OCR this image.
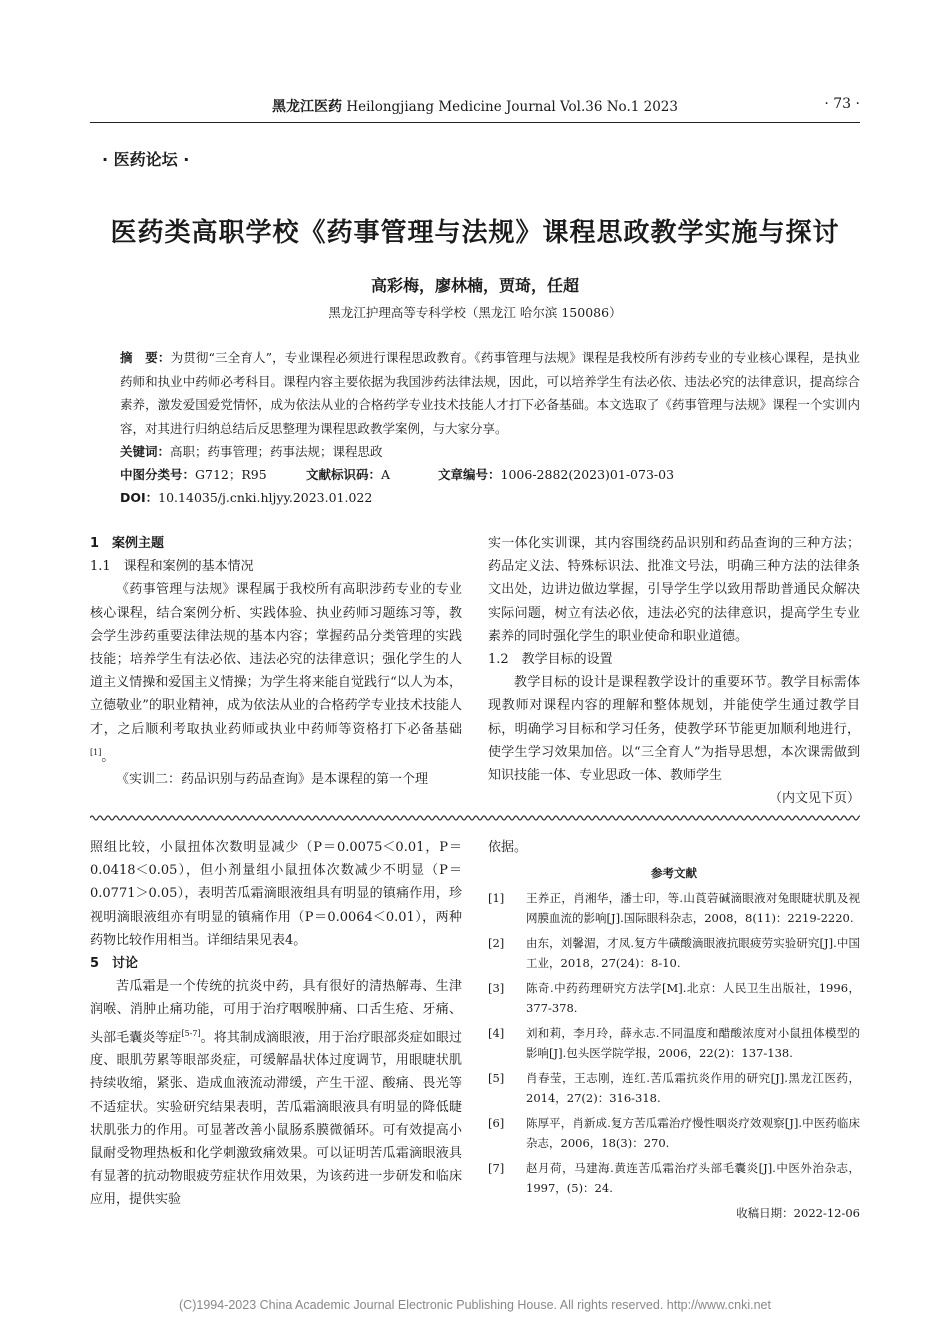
黑龙江医药 Heilongjiang Medicine Journal Vol.36 No.1 2023	· 73 ·
· 医药论坛 ·
医药类高职学校《药事管理与法规》课程思政教学实施与探讨
高彩梅，廖林楠，贾琦，任超
黑龙江护理高等专科学校（黑龙江 哈尔滨 150086）
摘　要：为贯彻“三全育人”，专业课程必须进行课程思政教育。《药事管理与法规》课程是我校所有涉药专业的专业核心课程，是执业药师和执业中药师必考科目。课程内容主要依据为我国涉药法律法规，因此，可以培养学生有法必依、违法必究的法律意识，提高综合素养，激发爱国爱党情怀，成为依法从业的合格药学专业技术技能人才打下必备基础。本文选取了《药事管理与法规》课程一个实训内容，对其进行归纳总结后反思整理为课程思政教学案例，与大家分享。
关键词：高职；药事管理；药事法规；课程思政
中图分类号：G712；R95	文献标识码：A	文章编号：1006-2882(2023)01-073-03
DOI：10.14035/j.cnki.hljyy.2023.01.022

1　案例主题

1.1　课程和案例的基本情况

《药事管理与法规》课程属于我校所有高职涉药专业的专业核心课程，结合案例分析、实践体验、执业药师习题练习等，教会学生涉药重要法律法规的基本内容；掌握药品分类管理的实践技能；培养学生有法必依、违法必究的法律意识；强化学生的人道主义情操和爱国主义情操；为学生将来能自觉践行“以人为本，立德敬业”的职业精神，成为依法从业的合格药学专业技术技能人才，之后顺利考取执业药师或执业中药师等资格打下必备基础[1]。

《实训二：药品识别与药品查询》是本课程的第一个理

实一体化实训课，其内容围绕药品识别和药品查询的三种方法；药品定义法、特殊标识法、批准文号法，明确三种方法的法律条文出处，边讲边做边掌握，引导学生学以致用帮助普通民众解决实际问题，树立有法必依，违法必究的法律意识，提高学生专业素养的同时强化学生的职业使命和职业道德。

1.2　教学目标的设置

教学目标的设计是课程教学设计的重要环节。教学目标需体现教师对课程内容的理解和整体规划，并能使学生通过教学目标，明确学习目标和学习任务，使教学环节能更加顺利地进行，使学生学习效果加倍。以“三全育人”为指导思想，本次课需做到知识技能一体、专业思政一体、教师学生

（内文见下页）

照组比较，小鼠扭体次数明显减少（P＝0.0075＜0.01，P＝0.0418＜0.05），但小剂量组小鼠扭体次数减少不明显（P＝0.0771＞0.05），表明苦瓜霜滴眼液组具有明显的镇痛作用，珍视明滴眼液组亦有明显的镇痛作用（P＝0.0064＜0.01），两种药物比较作用相当。详细结果见表4。

5　讨论

苦瓜霜是一个传统的抗炎中药，具有很好的清热解毒、生津润喉、消肿止痛功能，可用于治疗咽喉肿痛、口舌生疮、牙痛、头部毛囊炎等症[5-7]。将其制成滴眼液，用于治疗眼部炎症如眼过度、眼肌劳累等眼部炎症，可缓解晶状体过度调节，用眼睫状肌持续收缩，紧张、造成血液流动滞缓，产生干涩、酸痛、畏光等不适症状。实验研究结果表明，苦瓜霜滴眼液具有明显的降低睫状肌张力的作用。可显著改善小鼠肠系膜微循环。可有效提高小鼠耐受物理热板和化学刺激致痛效果。可以证明苦瓜霜滴眼液具有显著的抗动物眼疲劳症状作用效果，为该药进一步研发和临床应用，提供实验

依据。

参考文献

[1] 王养正，肖湘华，潘士印，等.山莨菪碱滴眼液对兔眼睫状肌及视网膜血流的影响[J].国际眼科杂志，2008，8(11)：2219-2220.
[2] 由东，刘馨湄，才凤.复方牛磺酸滴眼液抗眼疲劳实验研究[J].中国工业，2018，27(24)：8-10.
[3] 陈奇.中药药理研究方法学[M].北京：人民卫生出版社，1996，377-378.
[4] 刘和莉，李月玲，薛永志.不同温度和醋酸浓度对小鼠扭体模型的影响[J].包头医学院学报，2006，22(2)：137-138.
[5] 肖春莹，王志刚，连红.苦瓜霜抗炎作用的研究[J].黑龙江医药，2014，27(2)：316-318.
[6] 陈厚平，肖新成.复方苦瓜霜治疗慢性咽炎疗效观察[J].中医药临床杂志，2006，18(3)：270.
[7] 赵月荷，马建海.黄连苦瓜霜治疗头部毛囊炎[J].中医外治杂志，1997，(5)：24.

收稿日期：2022-12-06

(C)1994-2023 China Academic Journal Electronic Publishing House. All rights reserved. http://www.cnki.net
